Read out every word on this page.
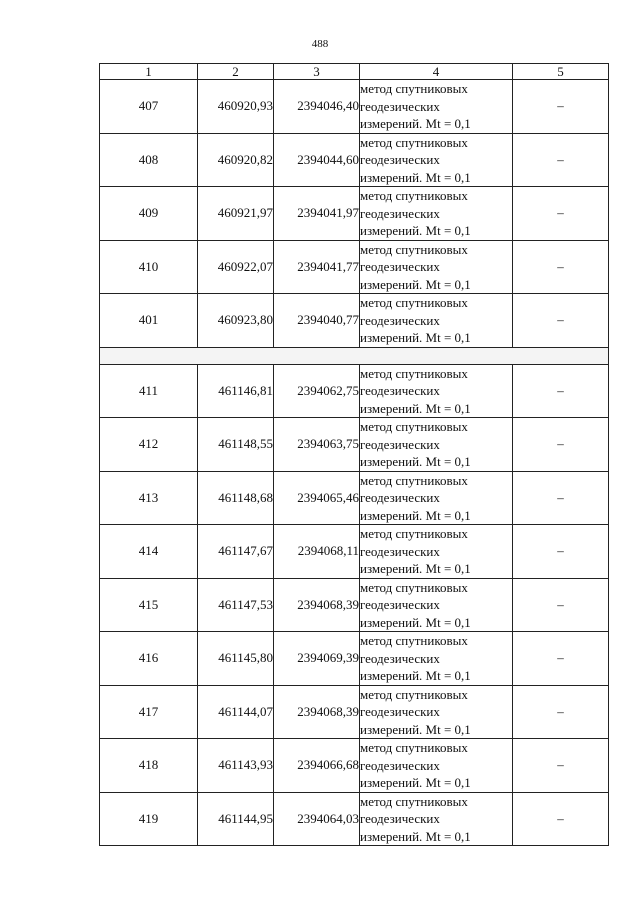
488
1	2	3	4	5
407	460920,93	2394046,40	метод спутниковых
геодезических
измерений. Mt = 0,1	–
408	460920,82	2394044,60	метод спутниковых
геодезических
измерений. Mt = 0,1	–
409	460921,97	2394041,97	метод спутниковых
геодезических
измерений. Mt = 0,1	–
410	460922,07	2394041,77	метод спутниковых
геодезических
измерений. Mt = 0,1	–
401	460923,80	2394040,77	метод спутниковых
геодезических
измерений. Mt = 0,1	–

411	461146,81	2394062,75	метод спутниковых
геодезических
измерений. Mt = 0,1	–
412	461148,55	2394063,75	метод спутниковых
геодезических
измерений. Mt = 0,1	–
413	461148,68	2394065,46	метод спутниковых
геодезических
измерений. Mt = 0,1	–
414	461147,67	2394068,11	метод спутниковых
геодезических
измерений. Mt = 0,1	–
415	461147,53	2394068,39	метод спутниковых
геодезических
измерений. Mt = 0,1	–
416	461145,80	2394069,39	метод спутниковых
геодезических
измерений. Mt = 0,1	–
417	461144,07	2394068,39	метод спутниковых
геодезических
измерений. Mt = 0,1	–
418	461143,93	2394066,68	метод спутниковых
геодезических
измерений. Mt = 0,1	–
419	461144,95	2394064,03	метод спутниковых
геодезических
измерений. Mt = 0,1	–
